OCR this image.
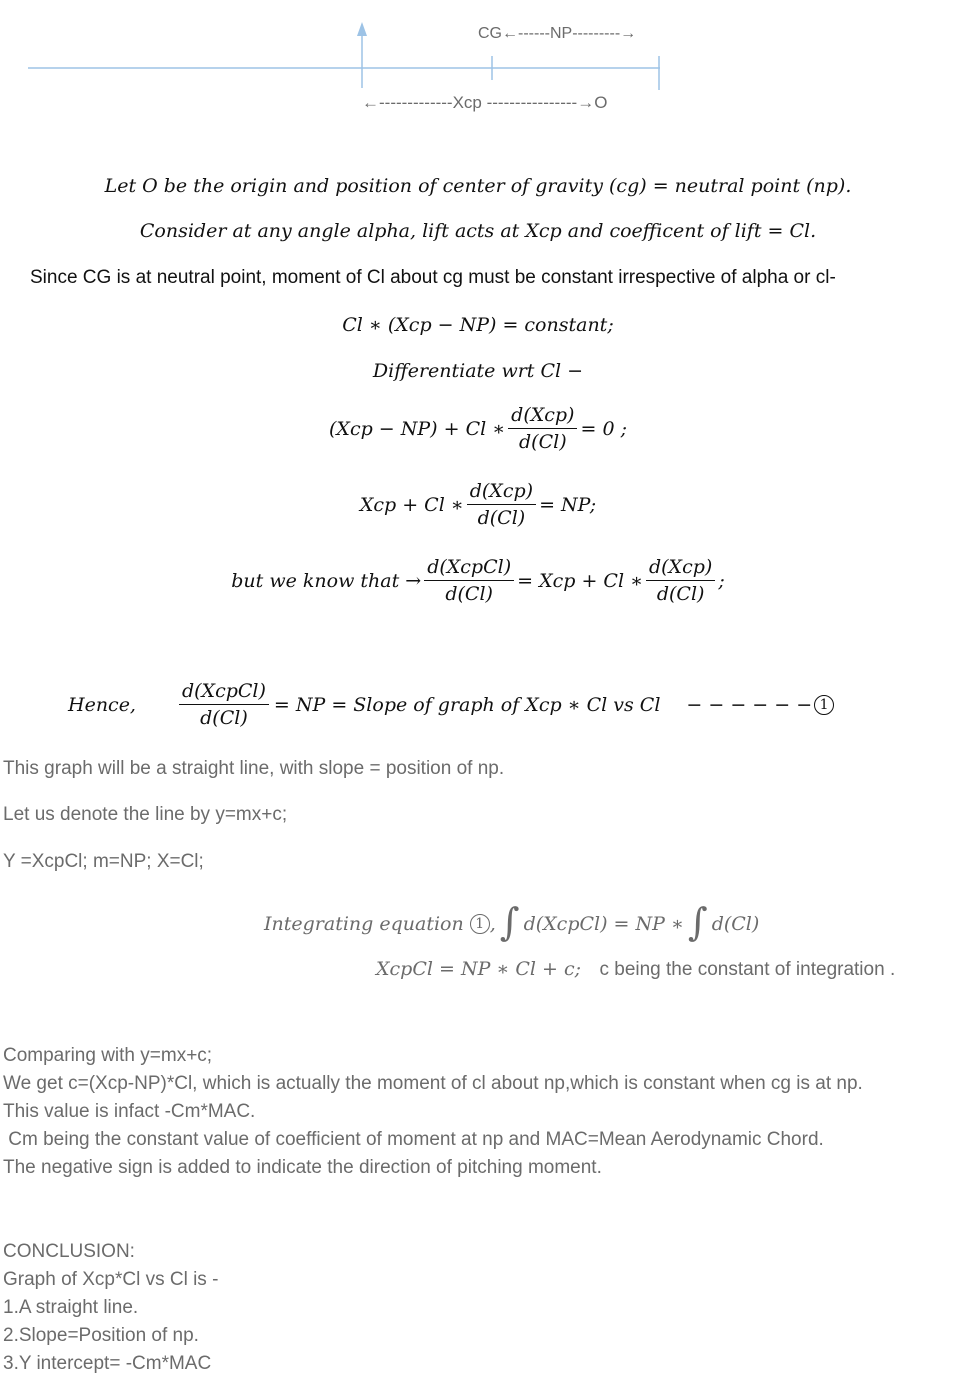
CG←------NP---------→
←-------------Xcp ----------------→O
Let O be the origin and position of center of gravity (cg) = neutral point (np).
Consider at any angle alpha, lift acts at Xcp and coefficent of lift = Cl.
Since CG is at neutral point, moment of Cl about cg must be constant irrespective of alpha or cl-
Cl ∗ (Xcp − NP) = constant;
Differentiate wrt Cl −
(Xcp − NP) + Cl ∗ $\frac{\text{d(Xcp)}}{d(Cl)} = 0$ ;
Xcp + Cl ∗ $\frac{\text{d(Xcp)}}{d(Cl)}$ = NP;
but we know that → $\frac{\text{d(XcpCl)}}{d(Cl)}$ = Xcp + Cl ∗ $\frac{\text{d(Xcp)}}{d(Cl)}$ ;
Hence, $\frac{\text{d(XcpCl)}}{d(Cl)}$ = NP = Slope of graph of Xcp ∗ Cl vs Cl − − − − − − 1
This graph will be a straight line, with slope = position of np.
Let us denote the line by y=mx+c;
Y =XcpCl; m=NP; X=Cl;
Integrating equation 1 , ∫ d(XcpCl) = NP ∗ ∫ d(Cl)
XcpCl = NP ∗ Cl + c; c being the constant of integration .
Comparing with y=mx+c;
We get c=(Xcp-NP)*Cl, which is actually the moment of cl about np,which is constant when cg is at np.
This value is infact -Cm*MAC.
Cm being the constant value of coefficient of moment at np and MAC=Mean Aerodynamic Chord.
The negative sign is added to indicate the direction of pitching moment.
CONCLUSION:
Graph of Xcp*Cl vs Cl is -
1.A straight line.
2.Slope=Position of np.
3.Y intercept= -Cm*MAC
